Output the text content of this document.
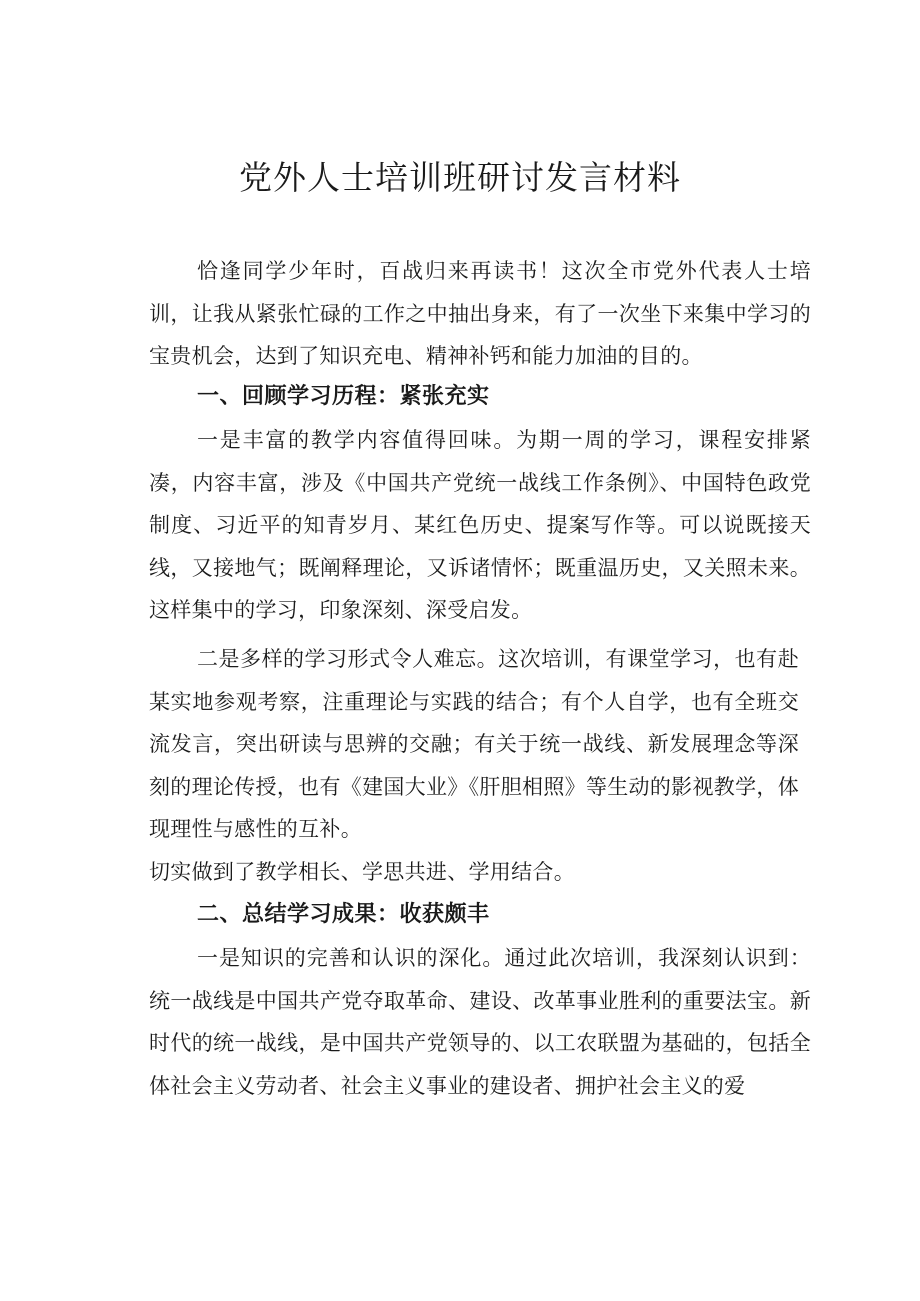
党外人士培训班研讨发言材料

恰逢同学少年时，百战归来再读书！这次全市党外代表人士培训，让我从紧张忙碌的工作之中抽出身来，有了一次坐下来集中学习的宝贵机会，达到了知识充电、精神补钙和能力加油的目的。

一、回顾学习历程：紧张充实

一是丰富的教学内容值得回味。为期一周的学习，课程安排紧凑，内容丰富，涉及《中国共产党统一战线工作条例》、中国特色政党制度、习近平的知青岁月、某红色历史、提案写作等。可以说既接天线，又接地气；既阐释理论，又诉诸情怀；既重温历史，又关照未来。这样集中的学习，印象深刻、深受启发。

二是多样的学习形式令人难忘。这次培训，有课堂学习，也有赴某实地参观考察，注重理论与实践的结合；有个人自学，也有全班交流发言，突出研读与思辨的交融；有关于统一战线、新发展理念等深刻的理论传授，也有《建国大业》《肝胆相照》等生动的影视教学，体现理性与感性的互补。

切实做到了教学相长、学思共进、学用结合。

二、总结学习成果：收获颇丰

一是知识的完善和认识的深化。通过此次培训，我深刻认识到：统一战线是中国共产党夺取革命、建设、改革事业胜利的重要法宝。新时代的统一战线，是中国共产党领导的、以工农联盟为基础的，包括全体社会主义劳动者、社会主义事业的建设者、拥护社会主义的爱
